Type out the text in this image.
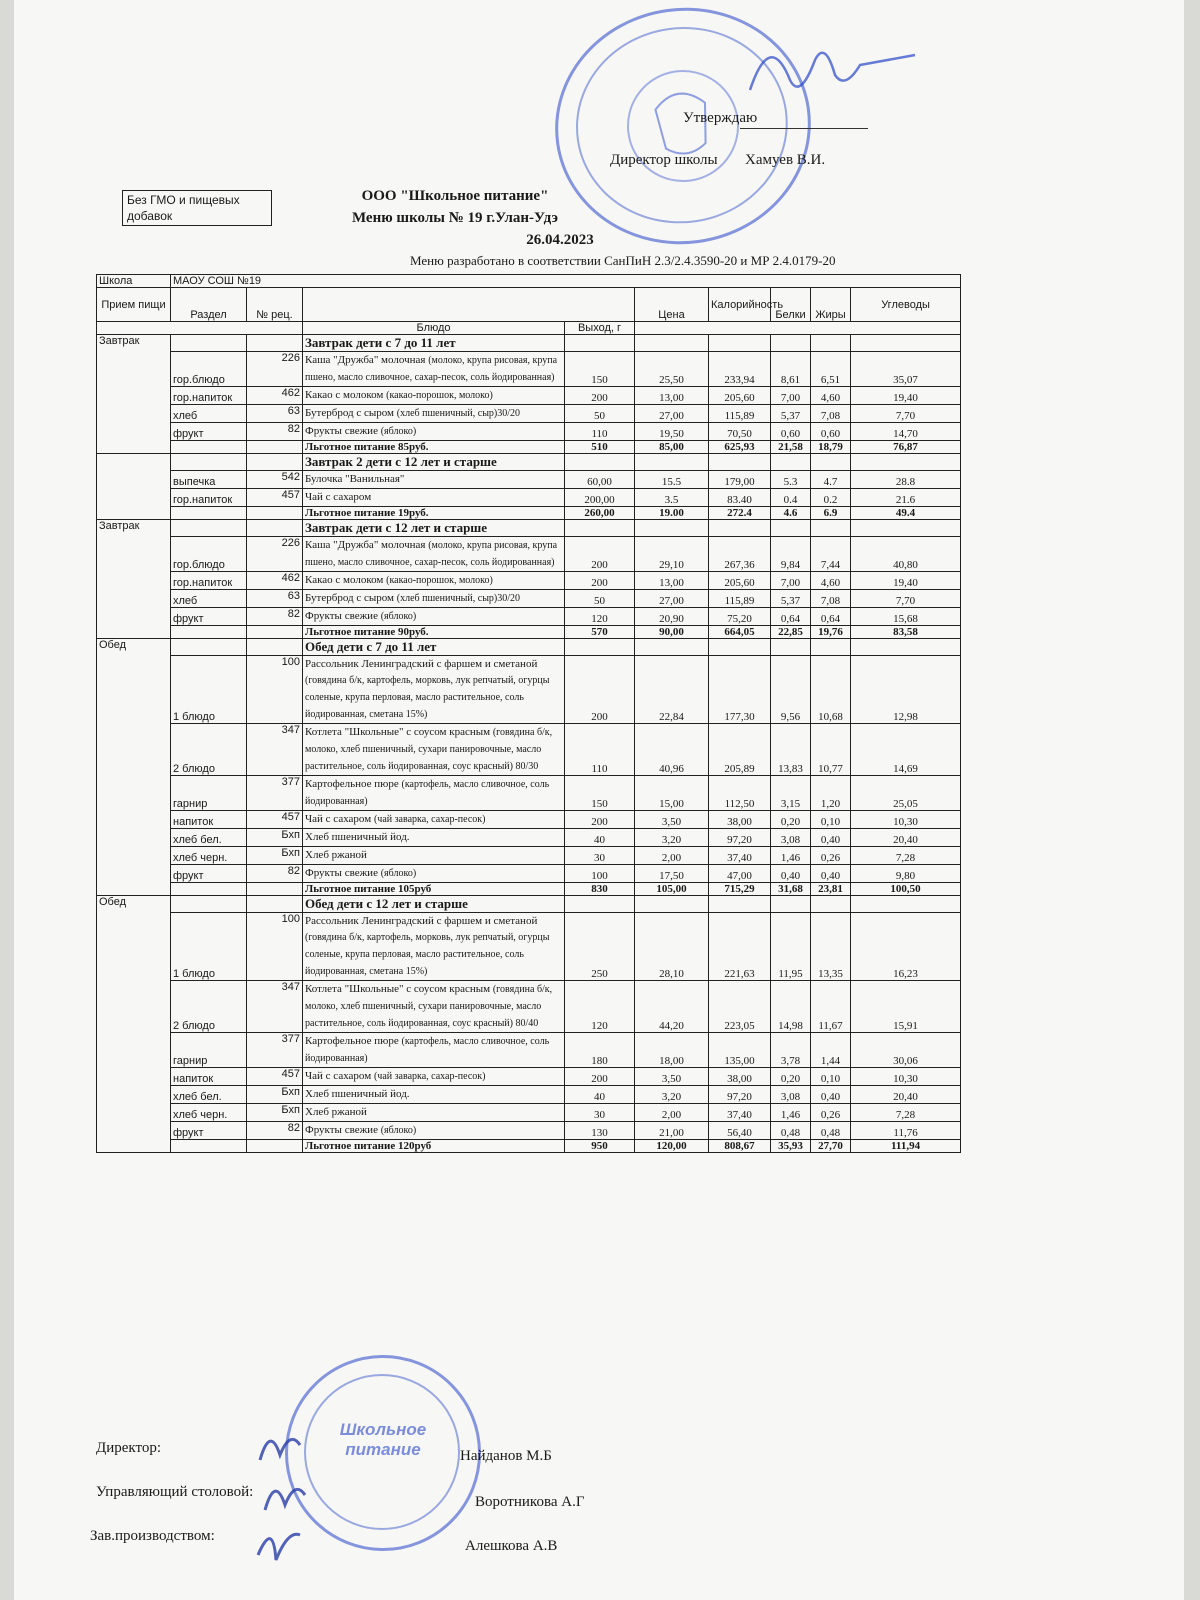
Утверждаю
Директор школы Хамуев В.И.
Без ГМО и пищевых добавок
ООО "Школьное питание"
Меню школы № 19 г.Улан-Удэ
26.04.2023
Меню разработано в соответствии СанПиН 2.3/2.4.3590-20 и МР 2.4.0179-20
Школа	МАОУ СОШ №19								
Прием пищи	Раздел	№ рец.			Цена	Калорийность	Белки	Жиры	Углеводы
			Блюдо	Выход, г					
Завтрак			Завтрак дети с 7 до 11 лет						
	гор.блюдо	226	Каша "Дружба" молочная (молоко, крупа рисовая, крупа пшено, масло сливочное, сахар-песок, соль йодированная)	150	25,50	233,94	8,61	6,51	35,07
	гор.напиток	462	Какао с молоком (какао-порошок, молоко)	200	13,00	205,60	7,00	4,60	19,40
	хлеб	63	Бутерброд с сыром (хлеб пшеничный, сыр)30/20	50	27,00	115,89	5,37	7,08	7,70
	фрукт	82	Фрукты свежие (яблоко)	110	19,50	70,50	0,60	0,60	14,70
			Льготное питание 85руб.	510	85,00	625,93	21,58	18,79	76,87
			Завтрак 2 дети с 12 лет и старше						
	выпечка	542	Булочка "Ванильная"	60,00	15.5	179,00	5.3	4.7	28.8
	гор.напиток	457	Чай с сахаром	200,00	3.5	83.40	0.4	0.2	21.6
			Льготное питание 19руб.	260,00	19.00	272.4	4.6	6.9	49.4
Завтрак			Завтрак дети с 12 лет и старше						
	гор.блюдо	226	Каша "Дружба" молочная (молоко, крупа рисовая, крупа пшено, масло сливочное, сахар-песок, соль йодированная)	200	29,10	267,36	9,84	7,44	40,80
	гор.напиток	462	Какао с молоком (какао-порошок, молоко)	200	13,00	205,60	7,00	4,60	19,40
	хлеб	63	Бутерброд с сыром (хлеб пшеничный, сыр)30/20	50	27,00	115,89	5,37	7,08	7,70
	фрукт	82	Фрукты свежие (яблоко)	120	20,90	75,20	0,64	0,64	15,68
			Льготное питание 90руб.	570	90,00	664,05	22,85	19,76	83,58
Обед			Обед дети с 7 до 11 лет						
	1 блюдо	100	Рассольник Ленинградский с фаршем и сметаной (говядина б/к, картофель, морковь, лук репчатый, огурцы соленые, крупа перловая, масло растительное, соль йодированная, сметана 15%)	200	22,84	177,30	9,56	10,68	12,98
	2 блюдо	347	Котлета "Школьные" с соусом красным (говядина б/к, молоко, хлеб пшеничный, сухари панировочные, масло растительное, соль йодированная, соус красный) 80/30	110	40,96	205,89	13,83	10,77	14,69
	гарнир	377	Картофельное пюре (картофель, масло сливочное, соль йодированная)	150	15,00	112,50	3,15	1,20	25,05
	напиток	457	Чай с сахаром (чай заварка, сахар-песок)	200	3,50	38,00	0,20	0,10	10,30
	хлеб бел.	Бхп	Хлеб пшеничный йод.	40	3,20	97,20	3,08	0,40	20,40
	хлеб черн.	Бхп	Хлеб ржаной	30	2,00	37,40	1,46	0,26	7,28
	фрукт	82	Фрукты свежие (яблоко)	100	17,50	47,00	0,40	0,40	9,80
			Льготное питание 105руб	830	105,00	715,29	31,68	23,81	100,50
Обед			Обед дети с 12 лет и старше						
	1 блюдо	100	Рассольник Ленинградский с фаршем и сметаной (говядина б/к, картофель, морковь, лук репчатый, огурцы соленые, крупа перловая, масло растительное, соль йодированная, сметана 15%)	250	28,10	221,63	11,95	13,35	16,23
	2 блюдо	347	Котлета "Школьные" с соусом красным (говядина б/к, молоко, хлеб пшеничный, сухари панировочные, масло растительное, соль йодированная, соус красный) 80/40	120	44,20	223,05	14,98	11,67	15,91
	гарнир	377	Картофельное пюре (картофель, масло сливочное, соль йодированная)	180	18,00	135,00	3,78	1,44	30,06
	напиток	457	Чай с сахаром (чай заварка, сахар-песок)	200	3,50	38,00	0,20	0,10	10,30
	хлеб бел.	Бхп	Хлеб пшеничный йод.	40	3,20	97,20	3,08	0,40	20,40
	хлеб черн.	Бхп	Хлеб ржаной	30	2,00	37,40	1,46	0,26	7,28
	фрукт	82	Фрукты свежие (яблоко)	130	21,00	56,40	0,48	0,48	11,76
			Льготное питание 120руб	950	120,00	808,67	35,93	27,70	111,94
Школьное питание
Директор:	Найданов М.Б
Управляющий столовой:
Воротникова А.Г
Зав.производством:
Алешкова А.В
